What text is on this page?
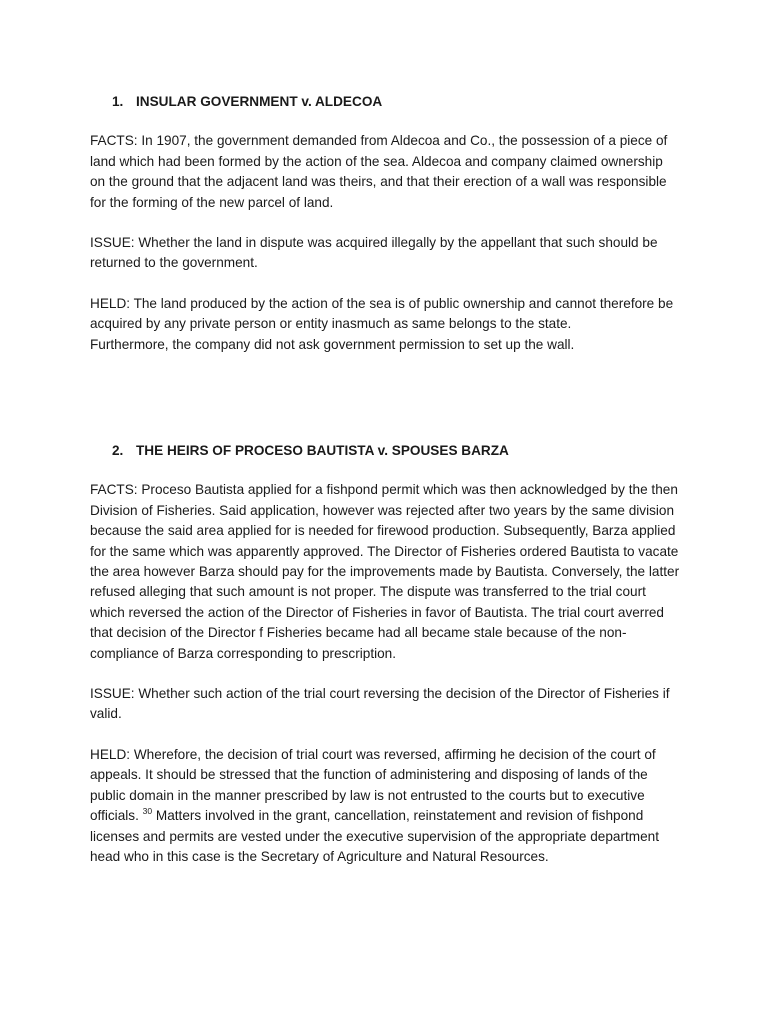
1. INSULAR GOVERNMENT v. ALDECOA

FACTS: In 1907, the government demanded from Aldecoa and Co., the possession of a piece of land which had been formed by the action of the sea. Aldecoa and company claimed ownership on the ground that the adjacent land was theirs, and that their erection of a wall was responsible for the forming of the new parcel of land.

ISSUE: Whether the land in dispute was acquired illegally by the appellant that such should be returned to the government.

HELD: The land produced by the action of the sea is of public ownership and cannot therefore be acquired by any private person or entity inasmuch as same belongs to the state.

Furthermore, the company did not ask government permission to set up the wall.

2. THE HEIRS OF PROCESO BAUTISTA v. SPOUSES BARZA

FACTS: Proceso Bautista applied for a fishpond permit which was then acknowledged by the then Division of Fisheries. Said application, however was rejected after two years by the same division because the said area applied for is needed for firewood production. Subsequently, Barza applied for the same which was apparently approved. The Director of Fisheries ordered Bautista to vacate the area however Barza should pay for the improvements made by Bautista. Conversely, the latter refused alleging that such amount is not proper. The dispute was transferred to the trial court which reversed the action of the Director of Fisheries in favor of Bautista. The trial court averred that decision of the Director f Fisheries became had all became stale because of the non-compliance of Barza corresponding to prescription.

ISSUE: Whether such action of the trial court reversing the decision of the Director of Fisheries if valid.

HELD: Wherefore, the decision of trial court was reversed, affirming he decision of the court of appeals. It should be stressed that the function of administering and disposing of lands of the public domain in the manner prescribed by law is not entrusted to the courts but to executive officials. $^{30}$ Matters involved in the grant, cancellation, reinstatement and revision of fishpond licenses and permits are vested under the executive supervision of the appropriate department head who in this case is the Secretary of Agriculture and Natural Resources.
